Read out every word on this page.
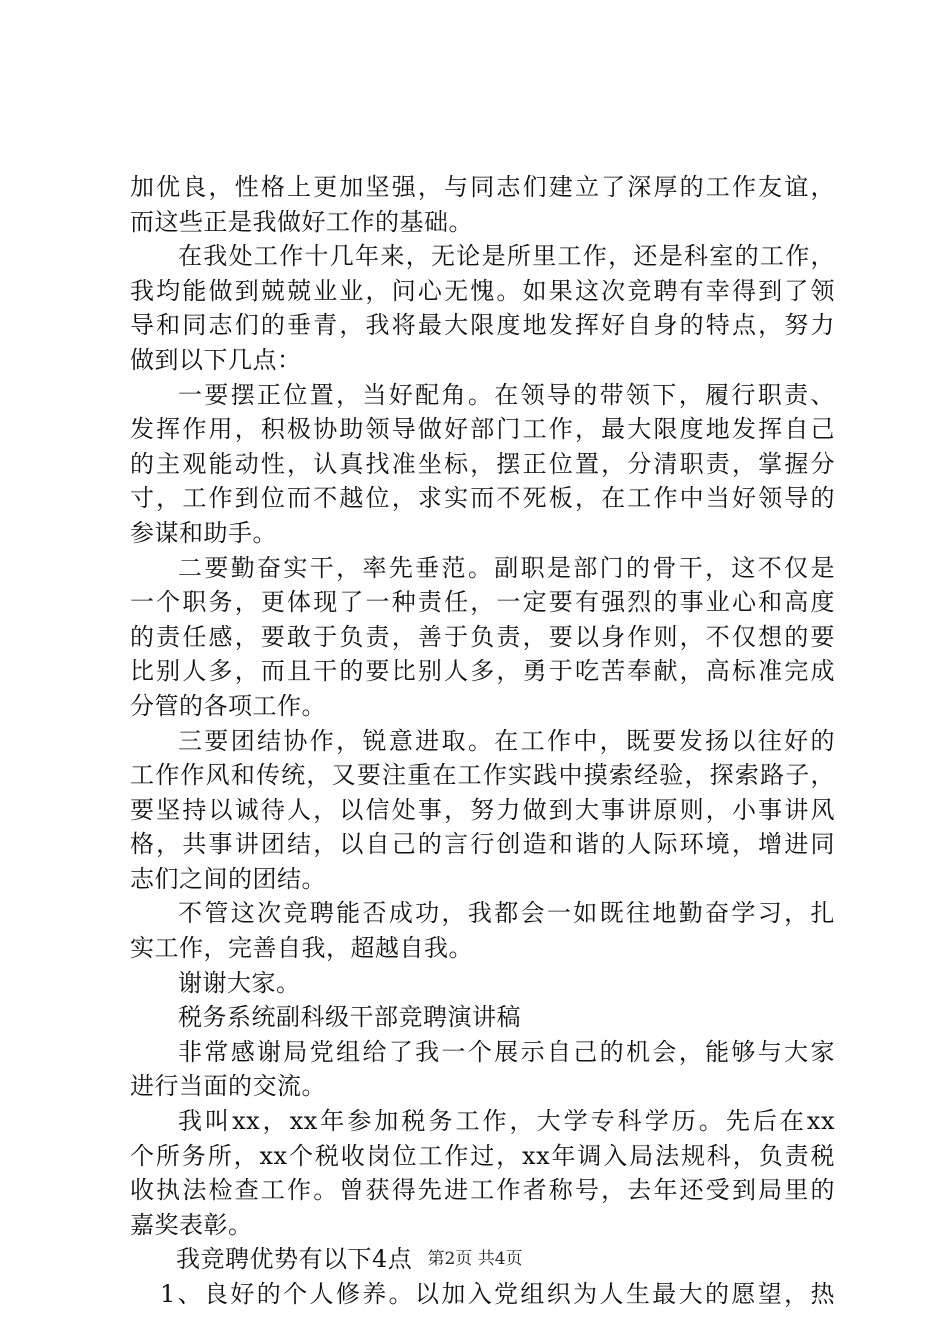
加优良，性格上更加坚强，与同志们建立了深厚的工作友谊，
而这些正是我做好工作的基础。
在我处工作十几年来，无论是所里工作，还是科室的工作，
我均能做到兢兢业业，问心无愧。如果这次竞聘有幸得到了领
导和同志们的垂青，我将最大限度地发挥好自身的特点，努力
做到以下几点：
一要摆正位置，当好配角。在领导的带领下，履行职责、
发挥作用，积极协助领导做好部门工作，最大限度地发挥自己
的主观能动性，认真找准坐标，摆正位置，分清职责，掌握分
寸，工作到位而不越位，求实而不死板，在工作中当好领导的
参谋和助手。
二要勤奋实干，率先垂范。副职是部门的骨干，这不仅是
一个职务，更体现了一种责任，一定要有强烈的事业心和高度
的责任感，要敢于负责，善于负责，要以身作则，不仅想的要
比别人多，而且干的要比别人多，勇于吃苦奉献，高标准完成
分管的各项工作。
三要团结协作，锐意进取。在工作中，既要发扬以往好的
工作作风和传统，又要注重在工作实践中摸索经验，探索路子，
要坚持以诚待人，以信处事，努力做到大事讲原则，小事讲风
格，共事讲团结，以自己的言行创造和谐的人际环境，增进同
志们之间的团结。
不管这次竞聘能否成功，我都会一如既往地勤奋学习，扎
实工作，完善自我，超越自我。
谢谢大家。
税务系统副科级干部竞聘演讲稿
非常感谢局党组给了我一个展示自己的机会，能够与大家
进行当面的交流。
我叫xx，xx年参加税务工作，大学专科学历。先后在xx
个所务所，xx个税收岗位工作过，xx年调入局法规科，负责税
收执法检查工作。曾获得先进工作者称号，去年还受到局里的
嘉奖表彰。
我竞聘优势有以下4点
1、良好的个人修养。以加入党组织为人生最大的愿望，热
第2页 共4页
